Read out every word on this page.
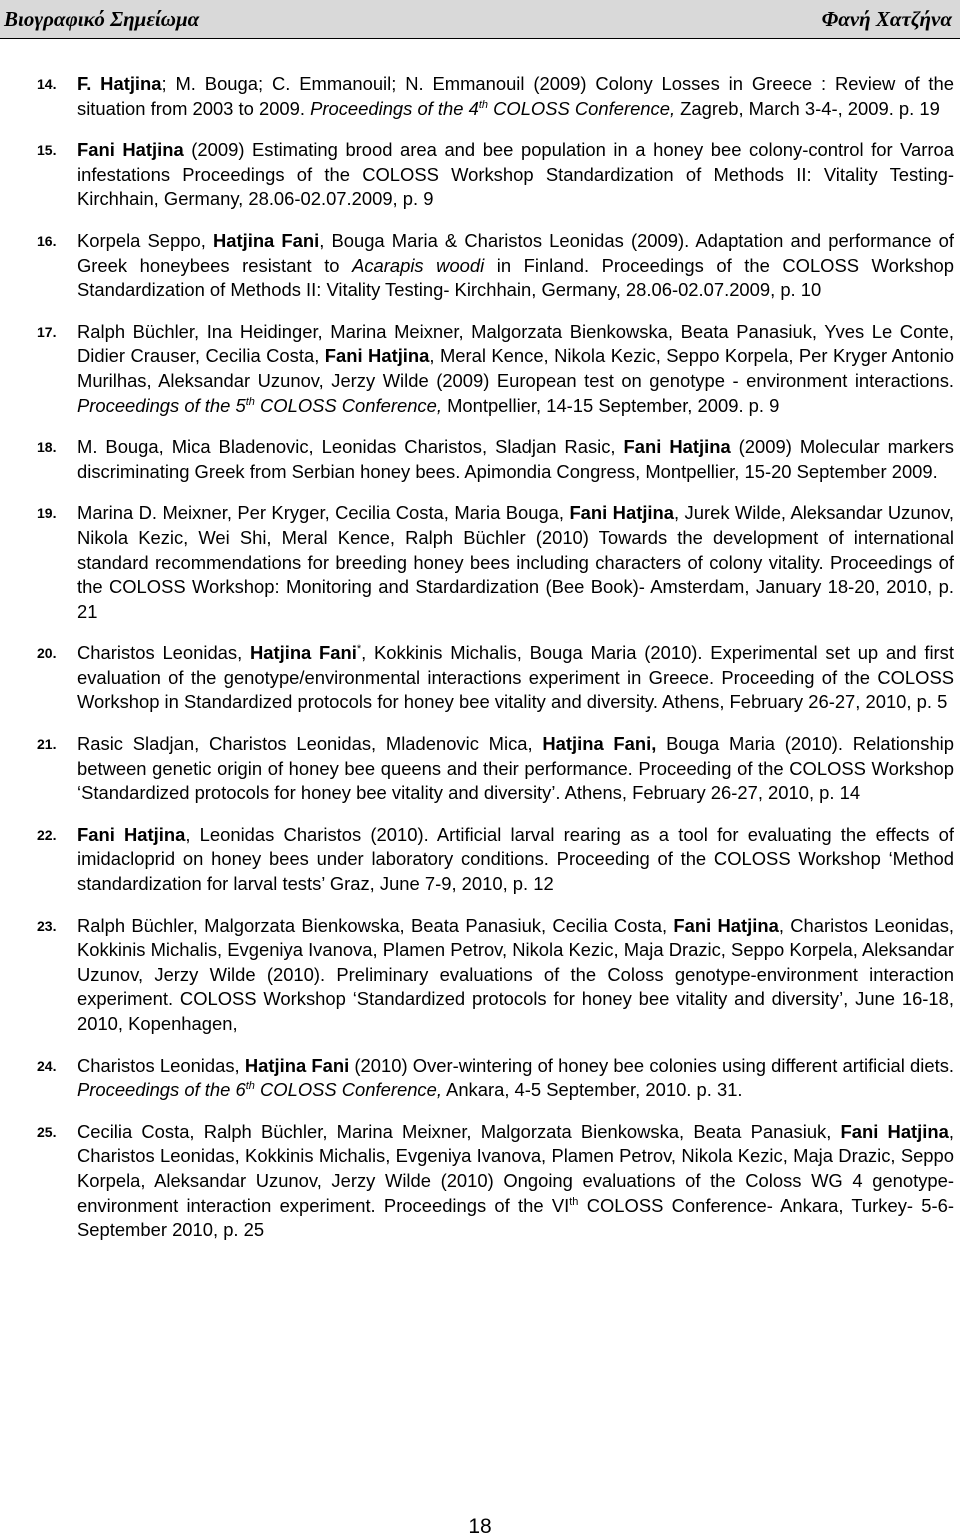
Βιογραφικό Σημείωμα	Φανή Χατζήνα
14. F. Hatjina; M. Bouga; C. Emmanouil; N. Emmanouil (2009) Colony Losses in Greece : Review of the situation from 2003 to 2009. Proceedings of the 4th COLOSS Conference, Zagreb, March 3-4-, 2009. p. 19
15. Fani Hatjina (2009) Estimating brood area and bee population in a honey bee colony-control for Varroa infestations Proceedings of the COLOSS Workshop Standardization of Methods II: Vitality Testing- Kirchhain, Germany, 28.06-02.07.2009, p. 9
16. Korpela Seppo, Hatjina Fani, Bouga Maria & Charistos Leonidas (2009). Adaptation and performance of Greek honeybees resistant to Acarapis woodi in Finland. Proceedings of the COLOSS Workshop Standardization of Methods II: Vitality Testing- Kirchhain, Germany, 28.06-02.07.2009, p. 10
17. Ralph Büchler, Ina Heidinger, Marina Meixner, Malgorzata Bienkowska, Beata Panasiuk, Yves Le Conte, Didier Crauser, Cecilia Costa, Fani Hatjina, Meral Kence, Nikola Kezic, Seppo Korpela, Per Kryger Antonio Murilhas, Aleksandar Uzunov, Jerzy Wilde (2009) European test on genotype - environment interactions. Proceedings of the 5th COLOSS Conference, Montpellier, 14-15 September, 2009. p. 9
18. M. Bouga, Mica Bladenovic, Leonidas Charistos, Sladjan Rasic, Fani Hatjina (2009) Molecular markers discriminating Greek from Serbian honey bees. Apimondia Congress, Montpellier, 15-20 September 2009.
19. Marina D. Meixner, Per Kryger, Cecilia Costa, Maria Bouga, Fani Hatjina, Jurek Wilde, Aleksandar Uzunov, Nikola Kezic, Wei Shi, Meral Kence, Ralph Büchler (2010) Towards the development of international standard recommendations for breeding honey bees including characters of colony vitality. Proceedings of the COLOSS Workshop: Monitoring and Stardardization (Bee Book)- Amsterdam, January 18-20, 2010, p. 21
20. Charistos Leonidas, Hatjina Fani*, Kokkinis Michalis, Bouga Maria (2010). Experimental set up and first evaluation of the genotype/environmental interactions experiment in Greece. Proceeding of the COLOSS Workshop in Standardized protocols for honey bee vitality and diversity. Athens, February 26-27, 2010, p. 5
21. Rasic Sladjan, Charistos Leonidas, Mladenovic Mica, Hatjina Fani, Bouga Maria (2010). Relationship between genetic origin of honey bee queens and their performance. Proceeding of the COLOSS Workshop ‘Standardized protocols for honey bee vitality and diversity’. Athens, February 26-27, 2010, p. 14
22. Fani Hatjina, Leonidas Charistos (2010). Artificial larval rearing as a tool for evaluating the effects of imidacloprid on honey bees under laboratory conditions. Proceeding of the COLOSS Workshop ‘Method standardization for larval tests’ Graz, June 7-9, 2010, p. 12
23. Ralph Büchler, Malgorzata Bienkowska, Beata Panasiuk, Cecilia Costa, Fani Hatjina, Charistos Leonidas, Kokkinis Michalis, Evgeniya Ivanova, Plamen Petrov, Nikola Kezic, Maja Drazic, Seppo Korpela, Aleksandar Uzunov, Jerzy Wilde (2010). Preliminary evaluations of the Coloss genotype-environment interaction experiment. COLOSS Workshop ‘Standardized protocols for honey bee vitality and diversity’, June 16-18, 2010, Kopenhagen,
24. Charistos Leonidas, Hatjina Fani (2010) Over-wintering of honey bee colonies using different artificial diets. Proceedings of the 6th COLOSS Conference, Ankara, 4-5 September, 2010. p. 31.
25. Cecilia Costa, Ralph Büchler, Marina Meixner, Malgorzata Bienkowska, Beata Panasiuk, Fani Hatjina, Charistos Leonidas, Kokkinis Michalis, Evgeniya Ivanova, Plamen Petrov, Nikola Kezic, Maja Drazic, Seppo Korpela, Aleksandar Uzunov, Jerzy Wilde (2010) Ongoing evaluations of the Coloss WG 4 genotype-environment interaction experiment. Proceedings of the VIth COLOSS Conference- Ankara, Turkey- 5-6- September 2010, p. 25
18
